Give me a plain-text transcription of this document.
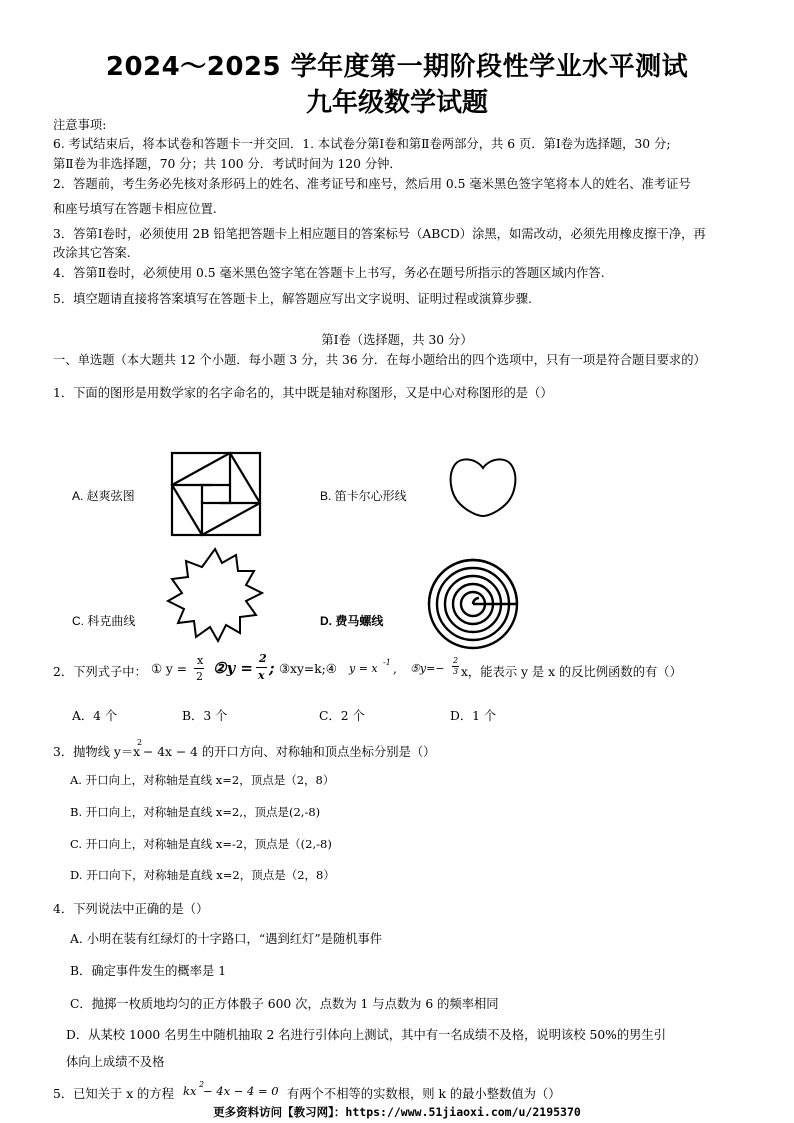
2024～2025 学年度第一期阶段性学业水平测试
九年级数学试题
注意事项:
6. 考试结束后，将本试卷和答题卡一并交回．1. 本试卷分第Ⅰ卷和第Ⅱ卷两部分，共 6 页．第Ⅰ卷为选择题，30 分;
第Ⅱ卷为非选择题，70 分；共 100 分．考试时间为 120 分钟．
2．答题前，考生务必先核对条形码上的姓名、准考证号和座号，然后用 0.5 毫米黑色签字笔将本人的姓名、准考证号
和座号填写在答题卡相应位置.
3．答第Ⅰ卷时，必须使用 2B 铅笔把答题卡上相应题目的答案标号（ABCD）涂黑，如需改动，必须先用橡皮擦干净，再
改涂其它答案.
4．答第Ⅱ卷时，必须使用 0.5 毫米黑色签字笔在答题卡上书写，务必在题号所指示的答题区域内作答.
5．填空题请直接将答案填写在答题卡上，解答题应写出文字说明、证明过程或演算步骤.
第Ⅰ卷（选择题，共 30 分）
一、单选题（本大题共 12 个小题．每小题 3 分，共 36 分．在每小题给出的四个选项中，只有一项是符合题目要求的）
1．下面的图形是用数学家的名字命名的，其中既是轴对称图形，又是中心对称图形的是（）
A. 赵爽弦图	B. 笛卡尔心形线
C. 科克曲线	D. 费马螺线
2．下列式子中： ① y =
x
2 ②y =
2
x ; ③xy=k;④ y = x -1 , ⑤y=−
2
3 x，能表示 y 是 x 的反比例函数的有（）
A．4 个	B．3 个	C．2 个	D．1 个
3．抛物线 y＝x
2
− 4x − 4 的开口方向、对称轴和顶点坐标分别是（）
A. 开口向上，对称轴是直线 x=2，顶点是（2，8）
B. 开口向上，对称轴是直线 x=2,，顶点是(2,-8)
C. 开口向上，对称轴是直线 x=-2，顶点是（(2,-8)
D. 开口向下，对称轴是直线 x=2，顶点是（2，8）
4．下列说法中正确的是（）
A. 小明在装有红绿灯的十字路口，“遇到红灯”是随机事件
B．确定事件发生的概率是 1
C．抛掷一枚质地均匀的正方体骰子 600 次，点数为 1 与点数为 6 的频率相同
D．从某校 1000 名男生中随机抽取 2 名进行引体向上测试，其中有一名成绩不及格，说明该校 50%的男生引
体向上成绩不及格
5．已知关于 x 的方程 kx 2
− 4x − 4 = 0 有两个不相等的实数根，则 k 的最小整数值为（）
更多资料访问【教习网】：https://www.51jiaoxi.com/u/2195370
